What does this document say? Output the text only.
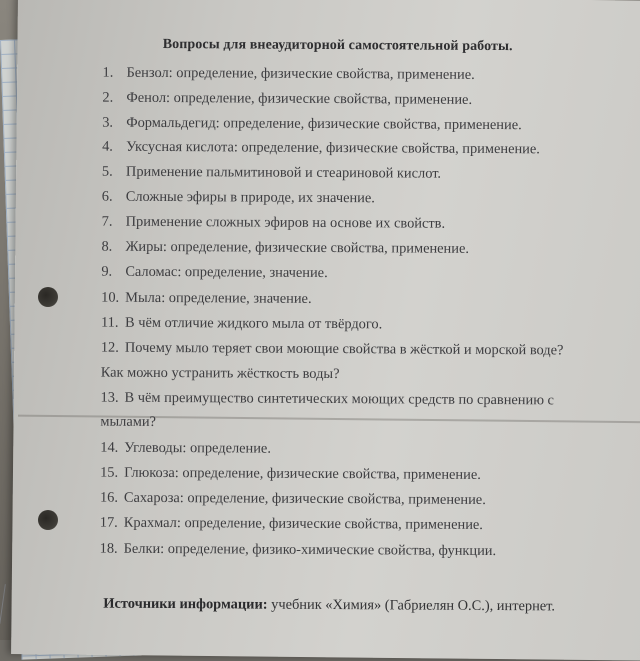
Вопросы для внеаудиторной самостоятельной работы.
1. Бензол: определение, физические свойства, применение.
2. Фенол: определение, физические свойства, применение.
3. Формальдегид: определение, физические свойства, применение.
4. Уксусная кислота: определение, физические свойства, применение.
5. Применение пальмитиновой и стеариновой кислот.
6. Сложные эфиры в природе, их значение.
7. Применение сложных эфиров на основе их свойств.
8. Жиры: определение, физические свойства, применение.
9. Саломас: определение, значение.
10. Мыла: определение, значение.
11. В чём отличие жидкого мыла от твёрдого.
12. Почему мыло теряет свои моющие свойства в жёсткой и морской воде?
Как можно устранить жёсткость воды?
13. В чём преимущество синтетических моющих средств по сравнению с
мылами?
14. Углеводы: определение.
15. Глюкоза: определение, физические свойства, применение.
16. Сахароза: определение, физические свойства, применение.
17. Крахмал: определение, физические свойства, применение.
18. Белки: определение, физико-химические свойства, функции.
Источники информации: учебник «Химия» (Габриелян О.С.), интернет.
